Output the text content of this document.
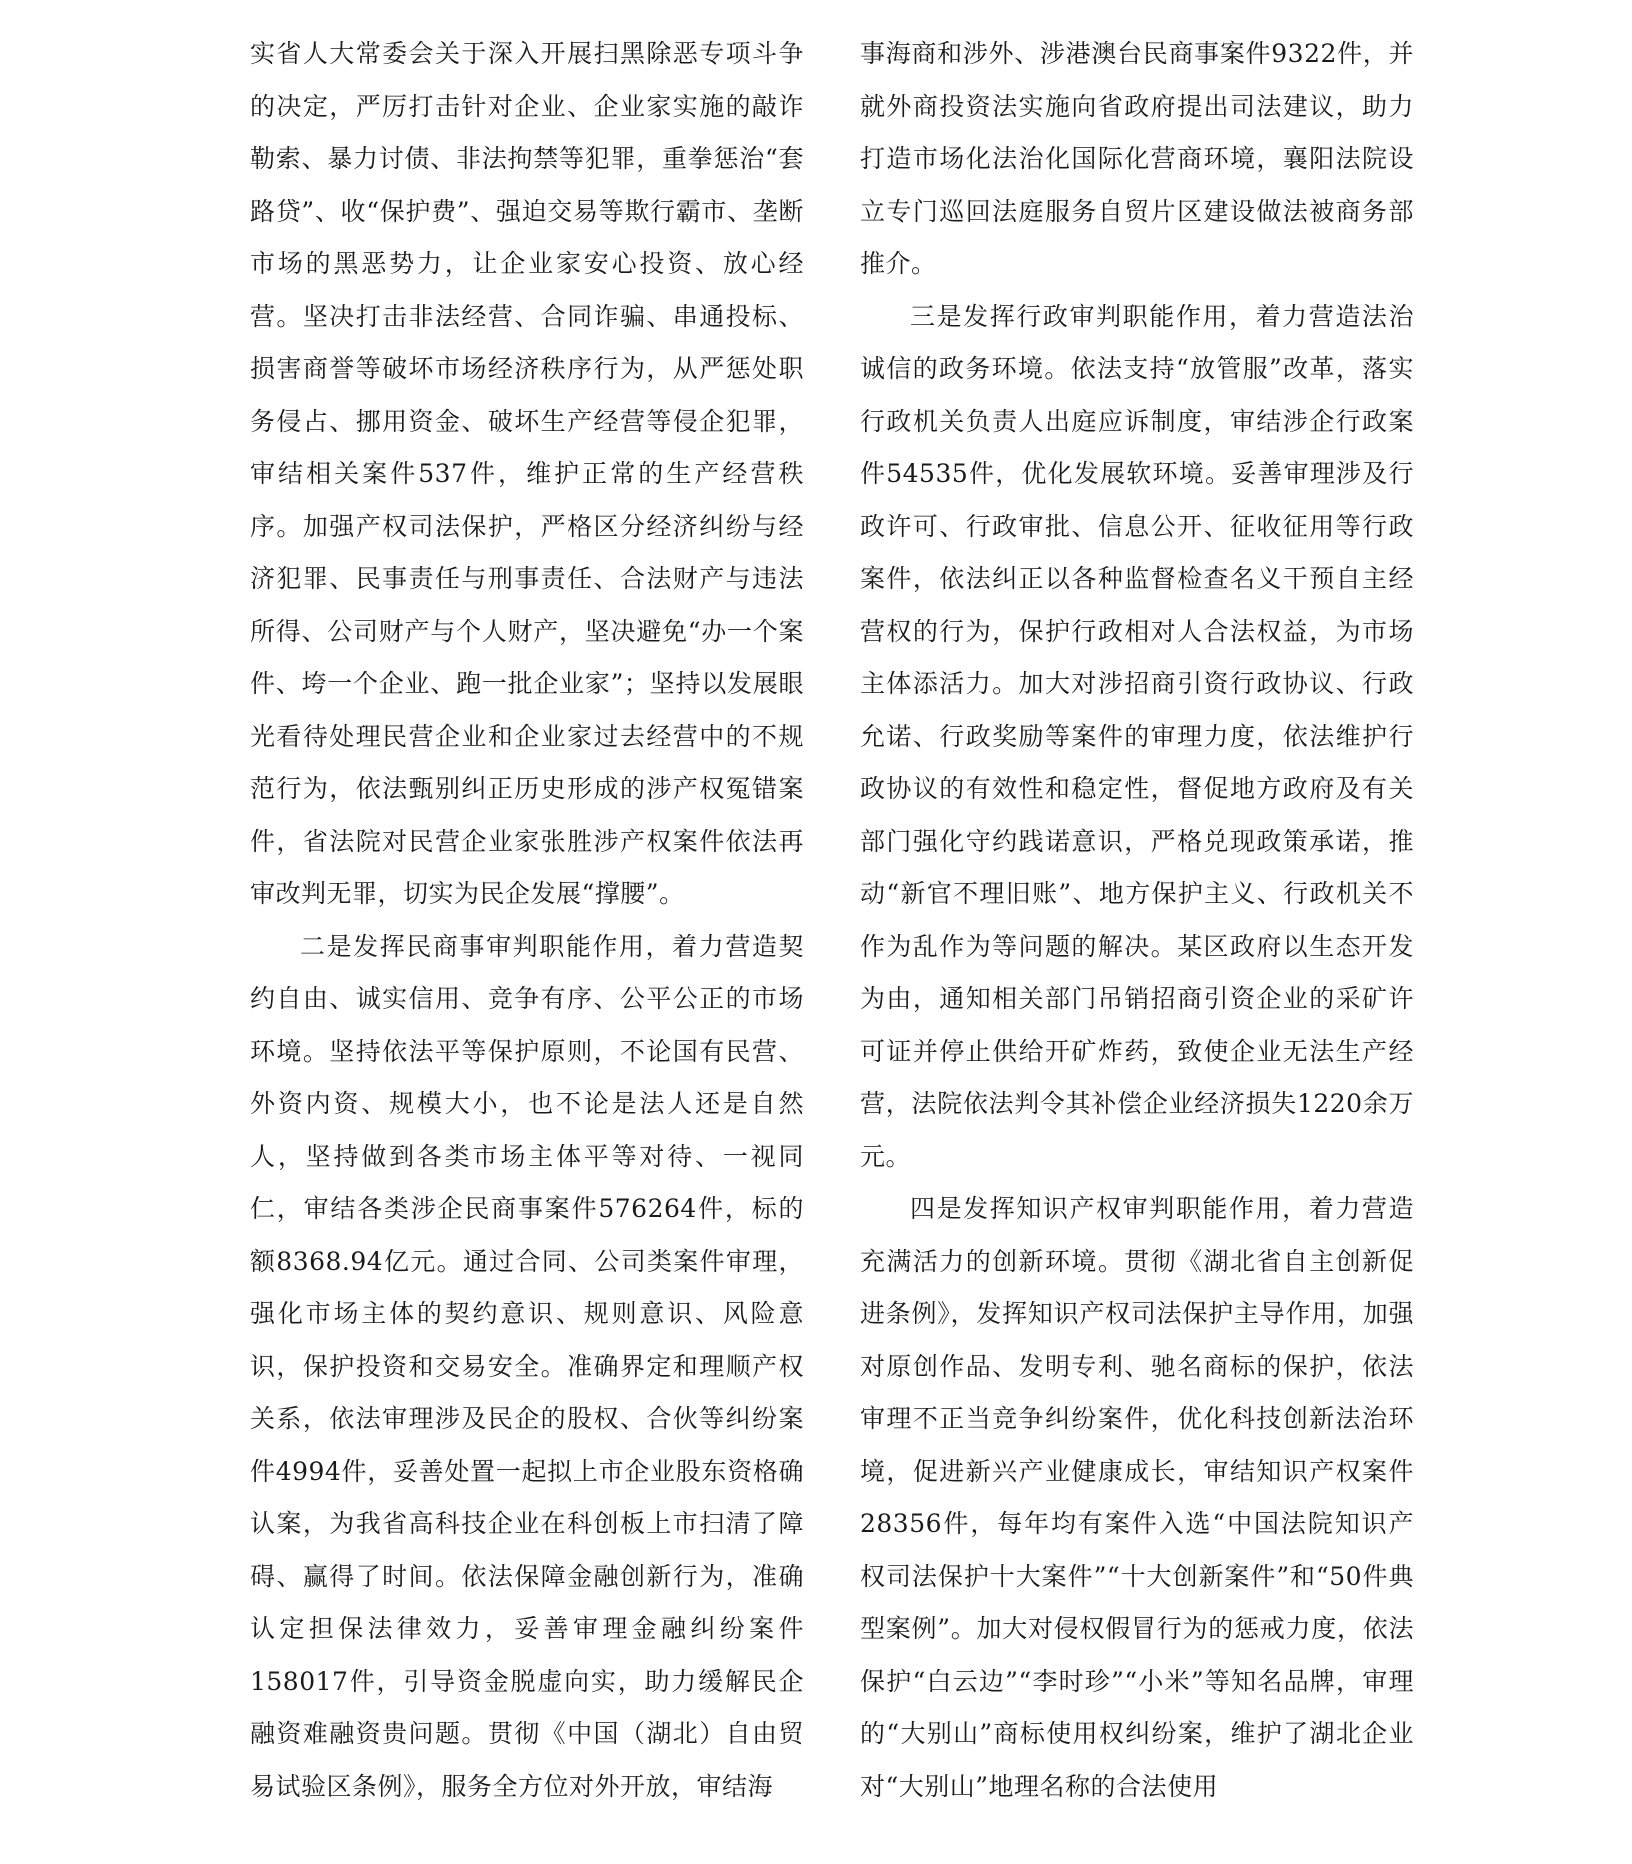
实省人大常委会关于深入开展扫黑除恶专项斗争的决定，严厉打击针对企业、企业家实施的敲诈勒索、暴力讨债、非法拘禁等犯罪，重拳惩治“套路贷”、收“保护费”、强迫交易等欺行霸市、垄断市场的黑恶势力，让企业家安心投资、放心经营。坚决打击非法经营、合同诈骗、串通投标、损害商誉等破坏市场经济秩序行为，从严惩处职务侵占、挪用资金、破坏生产经营等侵企犯罪，审结相关案件537件，维护正常的生产经营秩序。加强产权司法保护，严格区分经济纠纷与经济犯罪、民事责任与刑事责任、合法财产与违法所得、公司财产与个人财产，坚决避免“办一个案件、垮一个企业、跑一批企业家”；坚持以发展眼光看待处理民营企业和企业家过去经营中的不规范行为，依法甄别纠正历史形成的涉产权冤错案件，省法院对民营企业家张胜涉产权案件依法再审改判无罪，切实为民企发展“撑腰”。

二是发挥民商事审判职能作用，着力营造契约自由、诚实信用、竞争有序、公平公正的市场环境。坚持依法平等保护原则，不论国有民营、外资内资、规模大小，也不论是法人还是自然人，坚持做到各类市场主体平等对待、一视同仁，审结各类涉企民商事案件576264件，标的额8368.94亿元。通过合同、公司类案件审理，强化市场主体的契约意识、规则意识、风险意识，保护投资和交易安全。准确界定和理顺产权关系，依法审理涉及民企的股权、合伙等纠纷案件4994件，妥善处置一起拟上市企业股东资格确认案，为我省高科技企业在科创板上市扫清了障碍、赢得了时间。依法保障金融创新行为，准确认定担保法律效力，妥善审理金融纠纷案件158017件，引导资金脱虚向实，助力缓解民企融资难融资贵问题。贯彻《中国（湖北）自由贸易试验区条例》，服务全方位对外开放，审结海

事海商和涉外、涉港澳台民商事案件9322件，并就外商投资法实施向省政府提出司法建议，助力打造市场化法治化国际化营商环境，襄阳法院设立专门巡回法庭服务自贸片区建设做法被商务部推介。

三是发挥行政审判职能作用，着力营造法治诚信的政务环境。依法支持“放管服”改革，落实行政机关负责人出庭应诉制度，审结涉企行政案件54535件，优化发展软环境。妥善审理涉及行政许可、行政审批、信息公开、征收征用等行政案件，依法纠正以各种监督检查名义干预自主经营权的行为，保护行政相对人合法权益，为市场主体添活力。加大对涉招商引资行政协议、行政允诺、行政奖励等案件的审理力度，依法维护行政协议的有效性和稳定性，督促地方政府及有关部门强化守约践诺意识，严格兑现政策承诺，推动“新官不理旧账”、地方保护主义、行政机关不作为乱作为等问题的解决。某区政府以生态开发为由，通知相关部门吊销招商引资企业的采矿许可证并停止供给开矿炸药，致使企业无法生产经营，法院依法判令其补偿企业经济损失1220余万元。

四是发挥知识产权审判职能作用，着力营造充满活力的创新环境。贯彻《湖北省自主创新促进条例》，发挥知识产权司法保护主导作用，加强对原创作品、发明专利、驰名商标的保护，依法审理不正当竞争纠纷案件，优化科技创新法治环境，促进新兴产业健康成长，审结知识产权案件28356件，每年均有案件入选“中国法院知识产权司法保护十大案件”“十大创新案件”和“50件典型案例”。加大对侵权假冒行为的惩戒力度，依法保护“白云边”“李时珍”“小米”等知名品牌，审理的“大别山”商标使用权纠纷案，维护了湖北企业对“大别山”地理名称的合法使用
